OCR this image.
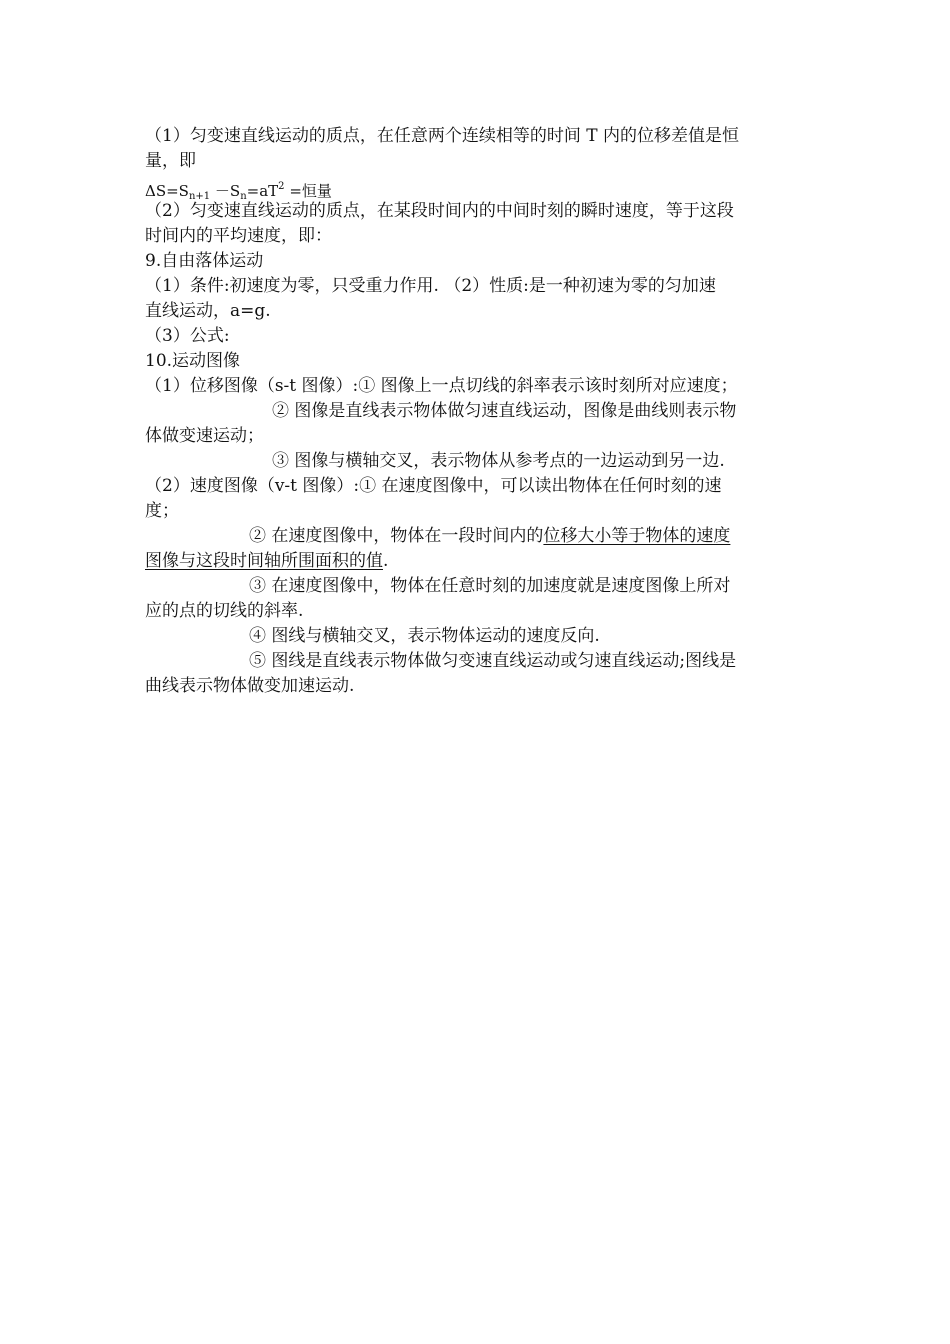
（1）匀变速直线运动的质点，在任意两个连续相等的时间 T 内的位移差值是恒
量，即
$\Delta S=S_{n+1} -S_n=aT^2$ =恒量
（2）匀变速直线运动的质点，在某段时间内的中间时刻的瞬时速度，等于这段
时间内的平均速度，即：
9.自由落体运动
（1）条件:初速度为零，只受重力作用. （2）性质:是一种初速为零的匀加速
直线运动，a=g.
（3）公式:
10.运动图像
（1）位移图像（s-t 图像）:① 图像上一点切线的斜率表示该时刻所对应速度；
② 图像是直线表示物体做匀速直线运动，图像是曲线则表示物
体做变速运动；
③ 图像与横轴交叉，表示物体从参考点的一边运动到另一边.
（2）速度图像（v-t 图像）:① 在速度图像中，可以读出物体在任何时刻的速
度；
② 在速度图像中，物体在一段时间内的位移大小等于物体的速度
图像与这段时间轴所围面积的值.
③ 在速度图像中，物体在任意时刻的加速度就是速度图像上所对
应的点的切线的斜率.
④ 图线与横轴交叉，表示物体运动的速度反向.
⑤ 图线是直线表示物体做匀变速直线运动或匀速直线运动;图线是
曲线表示物体做变加速运动.
